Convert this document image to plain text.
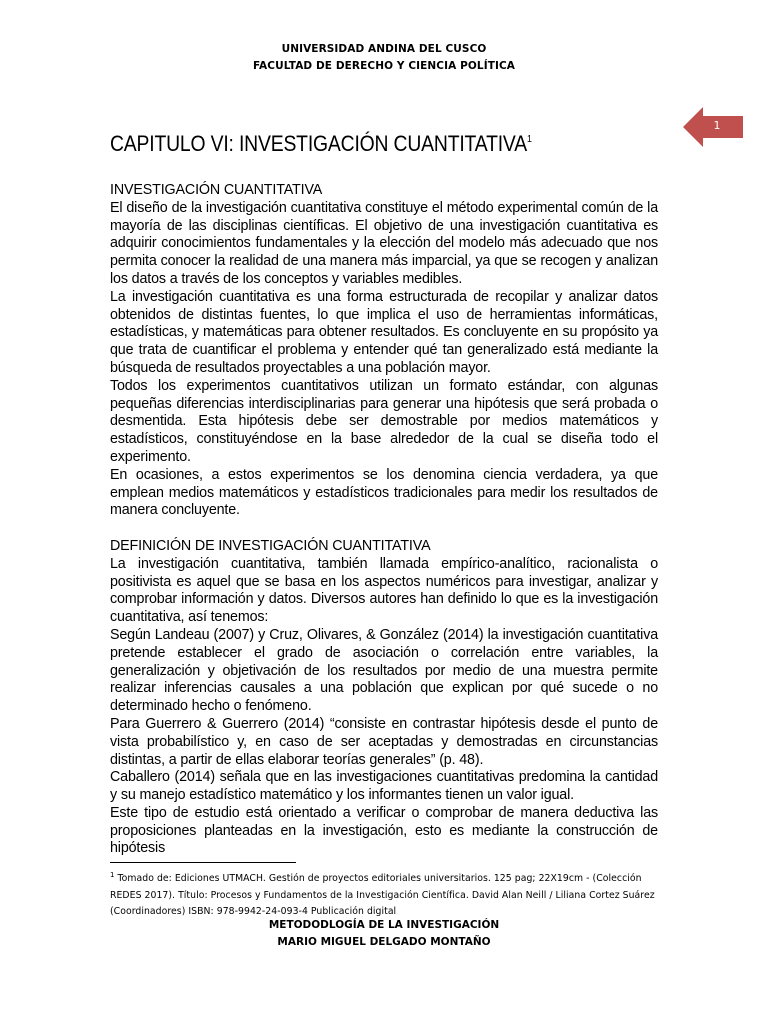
UNIVERSIDAD ANDINA DEL CUSCO
FACULTAD DE DERECHO Y CIENCIA POLÍTICA
1
CAPITULO VI: INVESTIGACIÓN CUANTITATIVA$^1$
INVESTIGACIÓN CUANTITATIVA

El diseño de la investigación cuantitativa constituye el método experimental común de la mayoría de las disciplinas científicas. El objetivo de una investigación cuantitativa es adquirir conocimientos fundamentales y la elección del modelo más adecuado que nos permita conocer la realidad de una manera más imparcial, ya que se recogen y analizan los datos a través de los conceptos y variables medibles.

La investigación cuantitativa es una forma estructurada de recopilar y analizar datos obtenidos de distintas fuentes, lo que implica el uso de herramientas informáticas, estadísticas, y matemáticas para obtener resultados. Es concluyente en su propósito ya que trata de cuantificar el problema y entender qué tan generalizado está mediante la búsqueda de resultados proyectables a una población mayor.

Todos los experimentos cuantitativos utilizan un formato estándar, con algunas pequeñas diferencias interdisciplinarias para generar una hipótesis que será probada o desmentida. Esta hipótesis debe ser demostrable por medios matemáticos y estadísticos, constituyéndose en la base alrededor de la cual se diseña todo el experimento.

En ocasiones, a estos experimentos se los denomina ciencia verdadera, ya que emplean medios matemáticos y estadísticos tradicionales para medir los resultados de manera concluyente.

DEFINICIÓN DE INVESTIGACIÓN CUANTITATIVA

La investigación cuantitativa, también llamada empírico-analítico, racionalista o positivista es aquel que se basa en los aspectos numéricos para investigar, analizar y comprobar información y datos. Diversos autores han definido lo que es la investigación cuantitativa, así tenemos:

Según Landeau (2007) y Cruz, Olivares, & González (2014) la investigación cuantitativa pretende establecer el grado de asociación o correlación entre variables, la generalización y objetivación de los resultados por medio de una muestra permite realizar inferencias causales a una población que explican por qué sucede o no determinado hecho o fenómeno.

Para Guerrero & Guerrero (2014) “consiste en contrastar hipótesis desde el punto de vista probabilístico y, en caso de ser aceptadas y demostradas en circunstancias distintas, a partir de ellas elaborar teorías generales” (p. 48).

Caballero (2014) señala que en las investigaciones cuantitativas predomina la cantidad y su manejo estadístico matemático y los informantes tienen un valor igual.

Este tipo de estudio está orientado a verificar o comprobar de manera deductiva las proposiciones planteadas en la investigación, esto es mediante la construcción de hipótesis

$^1$ Tomado de: Ediciones UTMACH. Gestión de proyectos editoriales universitarios. 125 pag; 22X19cm - (Colección REDES 2017). Título: Procesos y Fundamentos de la Investigación Científica. David Alan Neill / Liliana Cortez Suárez (Coordinadores) ISBN: 978-9942-24-093-4 Publicación digital
METODODLOGÍA DE LA INVESTIGACIÓN
MARIO MIGUEL DELGADO MONTAÑO
